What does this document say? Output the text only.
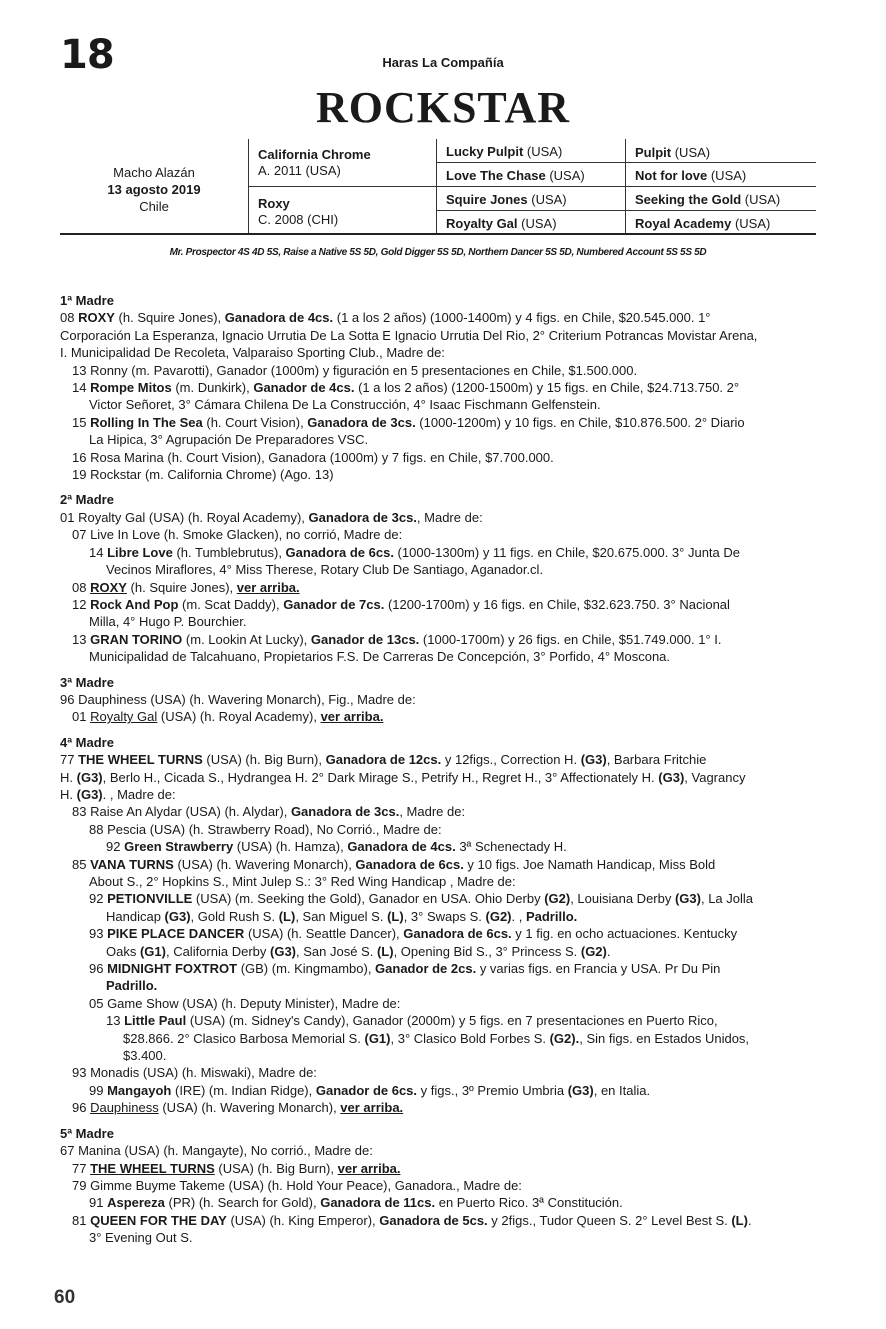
18	Haras La Compañía
ROCKSTAR
Macho Alazán
13 agosto 2019
Chile
California Chrome
A. 2011 (USA)
Roxy
C. 2008 (CHI)
Lucky Pulpit (USA)
Love The Chase (USA)
Squire Jones (USA)
Royalty Gal (USA)
Pulpit (USA)
Not for love (USA)
Seeking the Gold (USA)
Royal Academy (USA)
Mr. Prospector 4S 4D 5S, Raise a Native 5S 5D, Gold Digger 5S 5D, Northern Dancer 5S 5D, Numbered Account 5S 5S 5D
1ª Madre
08 ROXY (h. Squire Jones), Ganadora de 4cs. (1 a los 2 años) (1000-1400m) y 4 figs. en Chile, $20.545.000. 1°
Corporación La Esperanza, Ignacio Urrutia De La Sotta E Ignacio Urrutia Del Rio, 2° Criterium Potrancas Movistar Arena,
I. Municipalidad De Recoleta, Valparaiso Sporting Club., Madre de:
13 Ronny (m. Pavarotti), Ganador (1000m) y figuración en 5 presentaciones en Chile, $1.500.000.
14 Rompe Mitos (m. Dunkirk), Ganador de 4cs. (1 a los 2 años) (1200-1500m) y 15 figs. en Chile, $24.713.750. 2°
Victor Señoret, 3° Cámara Chilena De La Construcción, 4° Isaac Fischmann Gelfenstein.
15 Rolling In The Sea (h. Court Vision), Ganadora de 3cs. (1000-1200m) y 10 figs. en Chile, $10.876.500. 2° Diario
La Hipica, 3° Agrupación De Preparadores VSC.
16 Rosa Marina (h. Court Vision), Ganadora (1000m) y 7 figs. en Chile, $7.700.000.
19 Rockstar (m. California Chrome) (Ago. 13)
2ª Madre
01 Royalty Gal (USA) (h. Royal Academy), Ganadora de 3cs., Madre de:
07 Live In Love (h. Smoke Glacken), no corrió, Madre de:
14 Libre Love (h. Tumblebrutus), Ganadora de 6cs. (1000-1300m) y 11 figs. en Chile, $20.675.000. 3° Junta De
Vecinos Miraflores, 4° Miss Therese, Rotary Club De Santiago, Aganador.cl.
08 ROXY (h. Squire Jones), ver arriba.
12 Rock And Pop (m. Scat Daddy), Ganador de 7cs. (1200-1700m) y 16 figs. en Chile, $32.623.750. 3° Nacional
Milla, 4° Hugo P. Bourchier.
13 GRAN TORINO (m. Lookin At Lucky), Ganador de 13cs. (1000-1700m) y 26 figs. en Chile, $51.749.000. 1° I.
Municipalidad de Talcahuano, Propietarios F.S. De Carreras De Concepción, 3° Porfido, 4° Moscona.
3ª Madre
96 Dauphiness (USA) (h. Wavering Monarch), Fig., Madre de:
01 Royalty Gal (USA) (h. Royal Academy), ver arriba.
4ª Madre
77 THE WHEEL TURNS (USA) (h. Big Burn), Ganadora de 12cs. y 12figs., Correction H. (G3), Barbara Fritchie
H. (G3), Berlo H., Cicada S., Hydrangea H. 2° Dark Mirage S., Petrify H., Regret H., 3° Affectionately H. (G3), Vagrancy
H. (G3). , Madre de:
83 Raise An Alydar (USA) (h. Alydar), Ganadora de 3cs., Madre de:
88 Pescia (USA) (h. Strawberry Road), No Corrió., Madre de:
92 Green Strawberry (USA) (h. Hamza), Ganadora de 4cs. 3ª Schenectady H.
85 VANA TURNS (USA) (h. Wavering Monarch), Ganadora de 6cs. y 10 figs. Joe Namath Handicap, Miss Bold
About S., 2° Hopkins S., Mint Julep S.: 3° Red Wing Handicap , Madre de:
92 PETIONVILLE (USA) (m. Seeking the Gold), Ganador en USA. Ohio Derby (G2), Louisiana Derby (G3), La Jolla
Handicap (G3), Gold Rush S. (L), San Miguel S. (L), 3° Swaps S. (G2). , Padrillo.
93 PIKE PLACE DANCER (USA) (h. Seattle Dancer), Ganadora de 6cs. y 1 fig. en ocho actuaciones. Kentucky
Oaks (G1), California Derby (G3), San José S. (L), Opening Bid S., 3° Princess S. (G2).
96 MIDNIGHT FOXTROT (GB) (m. Kingmambo), Ganador de 2cs. y varias figs. en Francia y USA. Pr Du Pin
Padrillo.
05 Game Show (USA) (h. Deputy Minister), Madre de:
13 Little Paul (USA) (m. Sidney's Candy), Ganador (2000m) y 5 figs. en 7 presentaciones en Puerto Rico,
$28.866. 2° Clasico Barbosa Memorial S. (G1), 3° Clasico Bold Forbes S. (G2)., Sin figs. en Estados Unidos,
$3.400.
93 Monadis (USA) (h. Miswaki), Madre de:
99 Mangayoh (IRE) (m. Indian Ridge), Ganador de 6cs. y figs., 3º Premio Umbria (G3), en Italia.
96 Dauphiness (USA) (h. Wavering Monarch), ver arriba.
5ª Madre
67 Manina (USA) (h. Mangayte), No corrió., Madre de:
77 THE WHEEL TURNS (USA) (h. Big Burn), ver arriba.
79 Gimme Buyme Takeme (USA) (h. Hold Your Peace), Ganadora., Madre de:
91 Aspereza (PR) (h. Search for Gold), Ganadora de 11cs. en Puerto Rico. 3ª Constitución.
81 QUEEN FOR THE DAY (USA) (h. King Emperor), Ganadora de 5cs. y 2figs., Tudor Queen S. 2° Level Best S. (L).
3° Evening Out S.
60
